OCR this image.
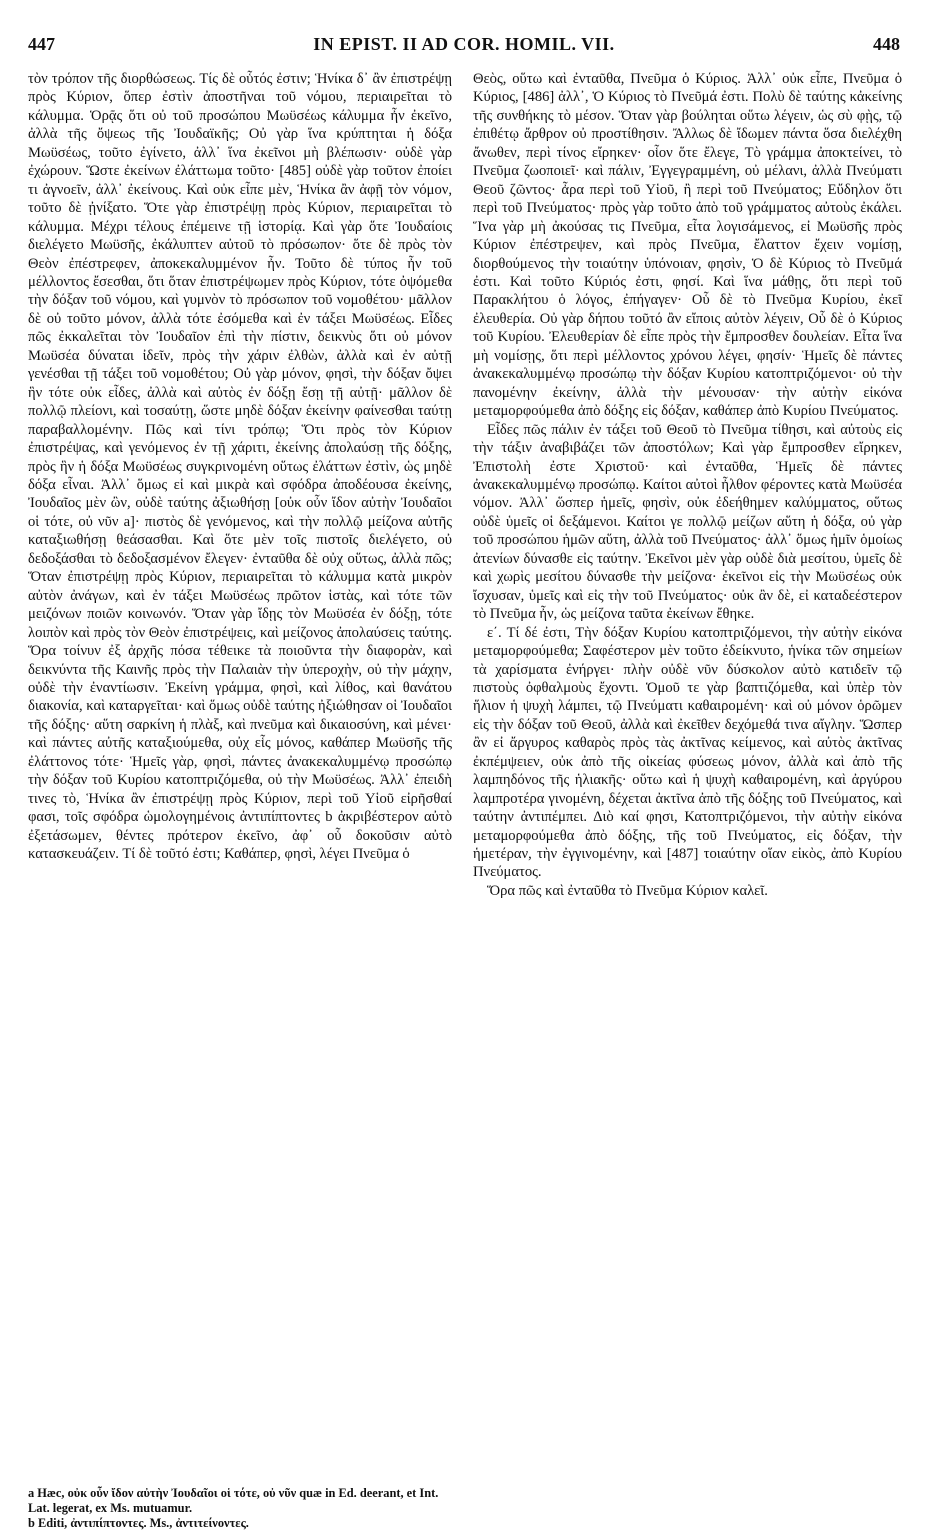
447	IN EPIST. II AD COR. HOMIL. VII.	448

τὸν τρόπον τῆς διορθώσεως. Τίς δὲ οὗτός ἐστιν; Ἡνίκα δ᾿ ἂν ἐπιστρέψῃ πρὸς Κύριον, ὅπερ ἐστὶν ἀποστῆναι τοῦ νόμου, περιαιρεῖται τὸ κάλυμμα. Ὁρᾷς ὅτι οὐ τοῦ προσώπου Μωϋσέως κάλυμμα ἦν ἐκεῖνο, ἀλλὰ τῆς ὄψεως τῆς Ἰουδαϊκῆς; Οὐ γὰρ ἵνα κρύπτηται ἡ δόξα Μωϋσέως, τοῦτο ἐγίνετο, ἀλλ᾿ ἵνα ἐκεῖνοι μὴ βλέπωσιν· οὐδὲ γὰρ ἐχώρουν. Ὥστε ἐκείνων ἐλάττωμα τοῦτο· [485] οὐδὲ γὰρ τοῦτον ἐποίει τι ἀγνοεῖν, ἀλλ᾿ ἐκείνους. Καὶ οὐκ εἶπε μὲν, Ἡνίκα ἂν ἀφῇ τὸν νόμον, τοῦτο δὲ ᾐνίξατο. Ὅτε γὰρ ἐπιστρέψῃ πρὸς Κύριον, περιαιρεῖται τὸ κάλυμμα. Μέχρι τέλους ἐπέμεινε τῇ ἱστορίᾳ. Καὶ γὰρ ὅτε Ἰουδαίοις διελέγετο Μωϋσῆς, ἐκάλυπτεν αὐτοῦ τὸ πρόσωπον· ὅτε δὲ πρὸς τὸν Θεὸν ἐπέστρεφεν, ἀποκεκαλυμμένον ἦν. Τοῦτο δὲ τύπος ἦν τοῦ μέλλοντος ἔσεσθαι, ὅτι ὅταν ἐπιστρέψωμεν πρὸς Κύριον, τότε ὀψόμεθα τὴν δόξαν τοῦ νόμου, καὶ γυμνὸν τὸ πρόσωπον τοῦ νομοθέτου· μᾶλλον δὲ οὐ τοῦτο μόνον, ἀλλὰ τότε ἐσόμεθα καὶ ἐν τάξει Μωϋσέως. Εἶδες πῶς ἐκκαλεῖται τὸν Ἰουδαῖον ἐπὶ τὴν πίστιν, δεικνὺς ὅτι οὐ μόνον Μωϋσέα δύναται ἰδεῖν, πρὸς τὴν χάριν ἐλθὼν, ἀλλὰ καὶ ἐν αὐτῇ γενέσθαι τῇ τάξει τοῦ νομοθέτου; Οὐ γὰρ μόνον, φησὶ, τὴν δόξαν ὄψει ἣν τότε οὐκ εἶδες, ἀλλὰ καὶ αὐτὸς ἐν δόξῃ ἔσῃ τῇ αὐτῇ· μᾶλλον δὲ πολλῷ πλείονι, καὶ τοσαύτῃ, ὥστε μηδὲ δόξαν ἐκείνην φαίνεσθαι ταύτῃ παραβαλλομένην. Πῶς καὶ τίνι τρόπῳ; Ὅτι πρὸς τὸν Κύριον ἐπιστρέψας, καὶ γενόμενος ἐν τῇ χάριτι, ἐκείνης ἀπολαύσῃ τῆς δόξης, πρὸς ἣν ἡ δόξα Μωϋσέως συγκρινομένη οὕτως ἐλάττων ἐστὶν, ὡς μηδὲ δόξα εἶναι. Ἀλλ᾿ ὅμως εἰ καὶ μικρὰ καὶ σφόδρα ἀποδέουσα ἐκείνης, Ἰουδαῖος μὲν ὢν, οὐδὲ ταύτης ἀξιωθήσῃ [οὐκ οὖν ἴδον αὐτὴν Ἰουδαῖοι οἱ τότε, οὐ νῦν a]· πιστὸς δὲ γενόμενος, καὶ τὴν πολλῷ μείζονα αὐτῆς καταξιωθήσῃ θεάσασθαι. Καὶ ὅτε μὲν τοῖς πιστοῖς διελέγετο, οὐ δεδοξάσθαι τὸ δεδοξασμένον ἔλεγεν· ἐνταῦθα δὲ οὐχ οὕτως, ἀλλὰ πῶς; Ὅταν ἐπιστρέψῃ πρὸς Κύριον, περιαιρεῖται τὸ κάλυμμα κατὰ μικρὸν αὐτὸν ἀνάγων, καὶ ἐν τάξει Μωϋσέως πρῶτον ἱστὰς, καὶ τότε τῶν μειζόνων ποιῶν κοινωνόν. Ὅταν γὰρ ἴδῃς τὸν Μωϋσέα ἐν δόξῃ, τότε λοιπὸν καὶ πρὸς τὸν Θεὸν ἐπιστρέψεις, καὶ μείζονος ἀπολαύσεις ταύτης. Ὅρα τοίνυν ἐξ ἀρχῆς πόσα τέθεικε τὰ ποιοῦντα τὴν διαφορὰν, καὶ δεικνύντα τῆς Καινῆς πρὸς τὴν Παλαιὰν τὴν ὑπεροχὴν, οὐ τὴν μάχην, οὐδὲ τὴν ἐναντίωσιν. Ἐκείνη γράμμα, φησὶ, καὶ λίθος, καὶ θανάτου διακονία, καὶ καταργεῖται· καὶ ὅμως οὐδὲ ταύτης ἠξιώθησαν οἱ Ἰουδαῖοι τῆς δόξης· αὕτη σαρκίνη ἡ πλὰξ, καὶ πνεῦμα καὶ δικαιοσύνη, καὶ μένει· καὶ πάντες αὐτῆς καταξιούμεθα, οὐχ εἷς μόνος, καθάπερ Μωϋσῆς τῆς ἐλάττονος τότε· Ἡμεῖς γὰρ, φησὶ, πάντες ἀνακεκαλυμμένῳ προσώπῳ τὴν δόξαν τοῦ Κυρίου κατοπτριζόμεθα, οὐ τὴν Μωϋσέως. Ἀλλ᾿ ἐπειδὴ τινες τὸ, Ἡνίκα ἂν ἐπιστρέψῃ πρὸς Κύριον, περὶ τοῦ Υἱοῦ εἰρῆσθαί φασι, τοῖς σφόδρα ὡμολογημένοις ἀντιπίπτοντες b ἀκριβέστερον αὐτὸ ἐξετάσωμεν, θέντες πρότερον ἐκεῖνο, ἀφ᾿ οὗ δοκοῦσιν αὐτὸ κατασκευάζειν. Τί δὲ τοῦτό ἐστι; Καθάπερ, φησὶ, λέγει Πνεῦμα ὁ

Θεὸς, οὕτω καὶ ἐνταῦθα, Πνεῦμα ὁ Κύριος. Ἀλλ᾿ οὐκ εἶπε, Πνεῦμα ὁ Κύριος, [486] ἀλλ᾿, Ὁ Κύριος τὸ Πνεῦμά ἐστι. Πολὺ δὲ ταύτης κἀκείνης τῆς συνθήκης τὸ μέσον. Ὅταν γὰρ βούληται οὕτω λέγειν, ὡς σὺ φῂς, τῷ ἐπιθέτῳ ἄρθρον οὐ προστίθησιν. Ἄλλως δὲ ἴδωμεν πάντα ὅσα διελέχθη ἄνωθεν, περὶ τίνος εἴρηκεν· οἷον ὅτε ἔλεγε, Τὸ γράμμα ἀποκτείνει, τὸ Πνεῦμα ζωοποιεῖ· καὶ πάλιν, Ἐγγεγραμμένη, οὐ μέλανι, ἀλλὰ Πνεύματι Θεοῦ ζῶντος· ἆρα περὶ τοῦ Υἱοῦ, ἢ περὶ τοῦ Πνεύματος; Εὔδηλον ὅτι περὶ τοῦ Πνεύματος· πρὸς γὰρ τοῦτο ἀπὸ τοῦ γράμματος αὐτοὺς ἐκάλει. Ἵνα γὰρ μὴ ἀκούσας τις Πνεῦμα, εἶτα λογισάμενος, εἰ Μωϋσῆς πρὸς Κύριον ἐπέστρεψεν, καὶ πρὸς Πνεῦμα, ἔλαττον ἔχειν νομίσῃ, διορθούμενος τὴν τοιαύτην ὑπόνοιαν, φησὶν, Ὁ δὲ Κύριος τὸ Πνεῦμά ἐστι. Καὶ τοῦτο Κύριός ἐστι, φησί. Καὶ ἵνα μάθῃς, ὅτι περὶ τοῦ Παρακλήτου ὁ λόγος, ἐπήγαγεν· Οὗ δὲ τὸ Πνεῦμα Κυρίου, ἐκεῖ ἐλευθερία. Οὐ γὰρ δήπου τοῦτό ἂν εἴποις αὐτὸν λέγειν, Οὗ δὲ ὁ Κύριος τοῦ Κυρίου. Ἐλευθερίαν δὲ εἶπε πρὸς τὴν ἔμπροσθεν δουλείαν. Εἶτα ἵνα μὴ νομίσῃς, ὅτι περὶ μέλλοντος χρόνου λέγει, φησίν· Ἡμεῖς δὲ πάντες ἀνακεκαλυμμένῳ προσώπῳ τὴν δόξαν Κυρίου κατοπτριζόμενοι· οὐ τὴν πανομένην ἐκείνην, ἀλλὰ τὴν μένουσαν· τὴν αὐτὴν εἰκόνα μεταμορφούμεθα ἀπὸ δόξης εἰς δόξαν, καθάπερ ἀπὸ Κυρίου Πνεύματος.

Εἶδες πῶς πάλιν ἐν τάξει τοῦ Θεοῦ τὸ Πνεῦμα τίθησι, καὶ αὐτοὺς εἰς τὴν τάξιν ἀναβιβάζει τῶν ἀποστόλων; Καὶ γὰρ ἔμπροσθεν εἴρηκεν, Ἐπιστολὴ ἐστε Χριστοῦ· καὶ ἐνταῦθα, Ἡμεῖς δὲ πάντες ἀνακεκαλυμμένῳ προσώπῳ. Καίτοι αὐτοὶ ἦλθον φέροντες κατὰ Μωϋσέα νόμον. Ἀλλ᾿ ὥσπερ ἡμεῖς, φησὶν, οὐκ ἐδεήθημεν καλύμματος, οὕτως οὐδὲ ὑμεῖς οἱ δεξάμενοι. Καίτοι γε πολλῷ μείζων αὕτη ἡ δόξα, οὐ γὰρ τοῦ προσώπου ἡμῶν αὕτη, ἀλλὰ τοῦ Πνεύματος· ἀλλ᾿ ὅμως ἡμῖν ὁμοίως ἀτενίων δύνασθε εἰς ταύτην. Ἐκεῖνοι μὲν γὰρ οὐδὲ διὰ μεσίτου, ὑμεῖς δὲ καὶ χωρὶς μεσίτου δύνασθε τὴν μείζονα· ἐκεῖνοι εἰς τὴν Μωϋσέως οὐκ ἴσχυσαν, ὑμεῖς καὶ εἰς τὴν τοῦ Πνεύματος· οὐκ ἂν δὲ, εἰ καταδεέστερον τὸ Πνεῦμα ἦν, ὡς μείζονα ταῦτα ἐκείνων ἔθηκε.

ε΄. Τί δέ ἐστι, Τὴν δόξαν Κυρίου κατοπτριζόμενοι, τὴν αὐτὴν εἰκόνα μεταμορφούμεθα; Σαφέστερον μὲν τοῦτο ἐδείκνυτο, ἡνίκα τῶν σημείων τὰ χαρίσματα ἐνήργει· πλὴν οὐδὲ νῦν δύσκολον αὐτὸ κατιδεῖν τῷ πιστοὺς ὀφθαλμοὺς ἔχοντι. Ὁμοῦ τε γὰρ βαπτιζόμεθα, καὶ ὑπὲρ τὸν ἥλιον ἡ ψυχὴ λάμπει, τῷ Πνεύματι καθαιρομένη· καὶ οὐ μόνον ὁρῶμεν εἰς τὴν δόξαν τοῦ Θεοῦ, ἀλλὰ καὶ ἐκεῖθεν δεχόμεθά τινα αἴγλην. Ὥσπερ ἂν εἰ ἄργυρος καθαρὸς πρὸς τὰς ἀκτῖνας κείμενος, καὶ αὐτὸς ἀκτῖνας ἐκπέμψειεν, οὐκ ἀπὸ τῆς οἰκείας φύσεως μόνον, ἀλλὰ καὶ ἀπὸ τῆς λαμπηδόνος τῆς ἡλιακῆς· οὕτω καὶ ἡ ψυχὴ καθαιρομένη, καὶ ἀργύρου λαμπροτέρα γινομένη, δέχεται ἀκτῖνα ἀπὸ τῆς δόξης τοῦ Πνεύματος, καὶ ταύτην ἀντιπέμπει. Διὸ καί φησι, Κατοπτριζόμενοι, τὴν αὐτὴν εἰκόνα μεταμορφούμεθα ἀπὸ δόξης, τῆς τοῦ Πνεύματος, εἰς δόξαν, τὴν ἡμετέραν, τὴν ἐγγινομένην, καὶ [487] τοιαύτην οἵαν εἰκὸς, ἀπὸ Κυρίου Πνεύματος.

Ὅρα πῶς καὶ ἐνταῦθα τὸ Πνεῦμα Κύριον καλεῖ.

a Hæc, οὐκ οὖν ἴδον αὐτὴν Ἰουδαῖοι οἱ τότε, οὐ νῦν quæ in Ed. deerant, et Int. Lat. legerat, ex Ms. mutuamur.

b Editi, ἀντιπίπτοντες. Ms., ἀντιτείνοντες.
